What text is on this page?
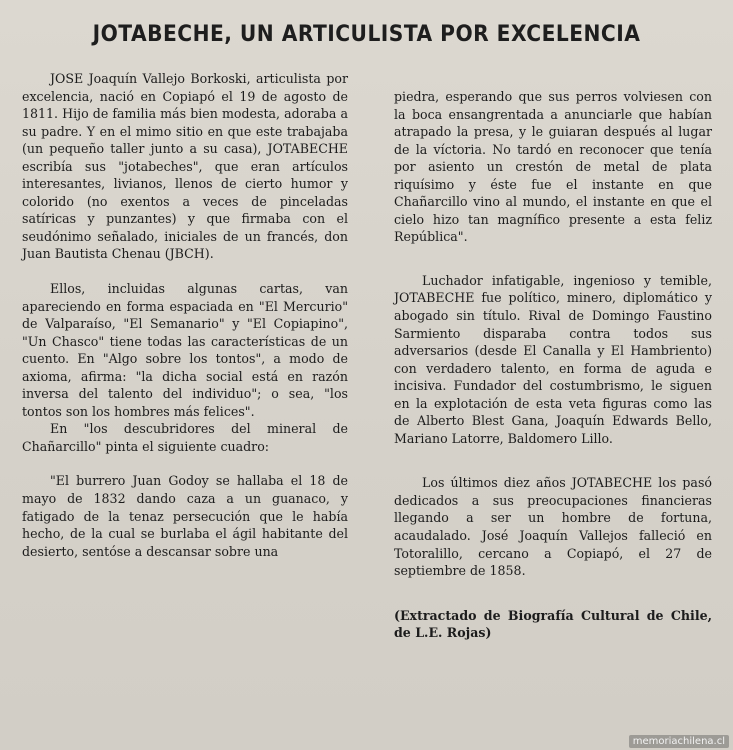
JOTABECHE, UN ARTICULISTA POR EXCELENCIA

JOSE Joaquín Vallejo Borkoski, articulista por excelencia, nació en Copiapó el 19 de agosto de 1811. Hijo de familia más bien modesta, adoraba a su padre. Y en el mimo sitio en que este trabajaba (un pequeño taller junto a su casa), JOTABECHE escribía sus "jotabeches", que eran artículos interesantes, livianos, llenos de cierto humor y colorido (no exentos a veces de pinceladas satíricas y punzantes) y que firmaba con el seudónimo señalado, iniciales de un francés, don Juan Bautista Chenau (JBCH).

Ellos, incluidas algunas cartas, van apareciendo en forma espaciada en "El Mercurio" de Valparaíso, "El Semanario" y "El Copiapino", "Un Chasco" tiene todas las características de un cuento. En "Algo sobre los tontos", a modo de axioma, afirma: "la dicha social está en razón inversa del talento del individuo"; o sea, "los tontos son los hombres más felices".

En "los descubridores del mineral de Chañarcillo" pinta el siguiente cuadro:

"El burrero Juan Godoy se hallaba el 18 de mayo de 1832 dando caza a un guanaco, y fatigado de la tenaz persecución que le había hecho, de la cual se burlaba el ágil habitante del desierto, sentóse a descansar sobre una

piedra, esperando que sus perros volviesen con la boca ensangrentada a anunciarle que habían atrapado la presa, y le guiaran después al lugar de la víctoria. No tardó en reconocer que tenía por asiento un crestón de metal de plata riquísimo y éste fue el instante en que Chañarcillo vino al mundo, el instante en que el cielo hizo tan magnífico presente a esta feliz República".

Luchador infatigable, ingenioso y temible, JOTABECHE fue político, minero, diplomático y abogado sin título. Rival de Domingo Faustino Sarmiento disparaba contra todos sus adversarios (desde El Canalla y El Hambriento) con verdadero talento, en forma de aguda e incisiva. Fundador del costumbrismo, le siguen en la explotación de esta veta figuras como las de Alberto Blest Gana, Joaquín Edwards Bello, Mariano Latorre, Baldomero Lillo.

Los últimos diez años JOTABECHE los pasó dedicados a sus preocupaciones financieras llegando a ser un hombre de fortuna, acaudalado. José Joaquín Vallejos falleció en Totoralillo, cercano a Copiapó, el 27 de septiembre de 1858.

(Extractado de Biografía Cultural de Chile, de L.E. Rojas)

memoriachilena.cl
